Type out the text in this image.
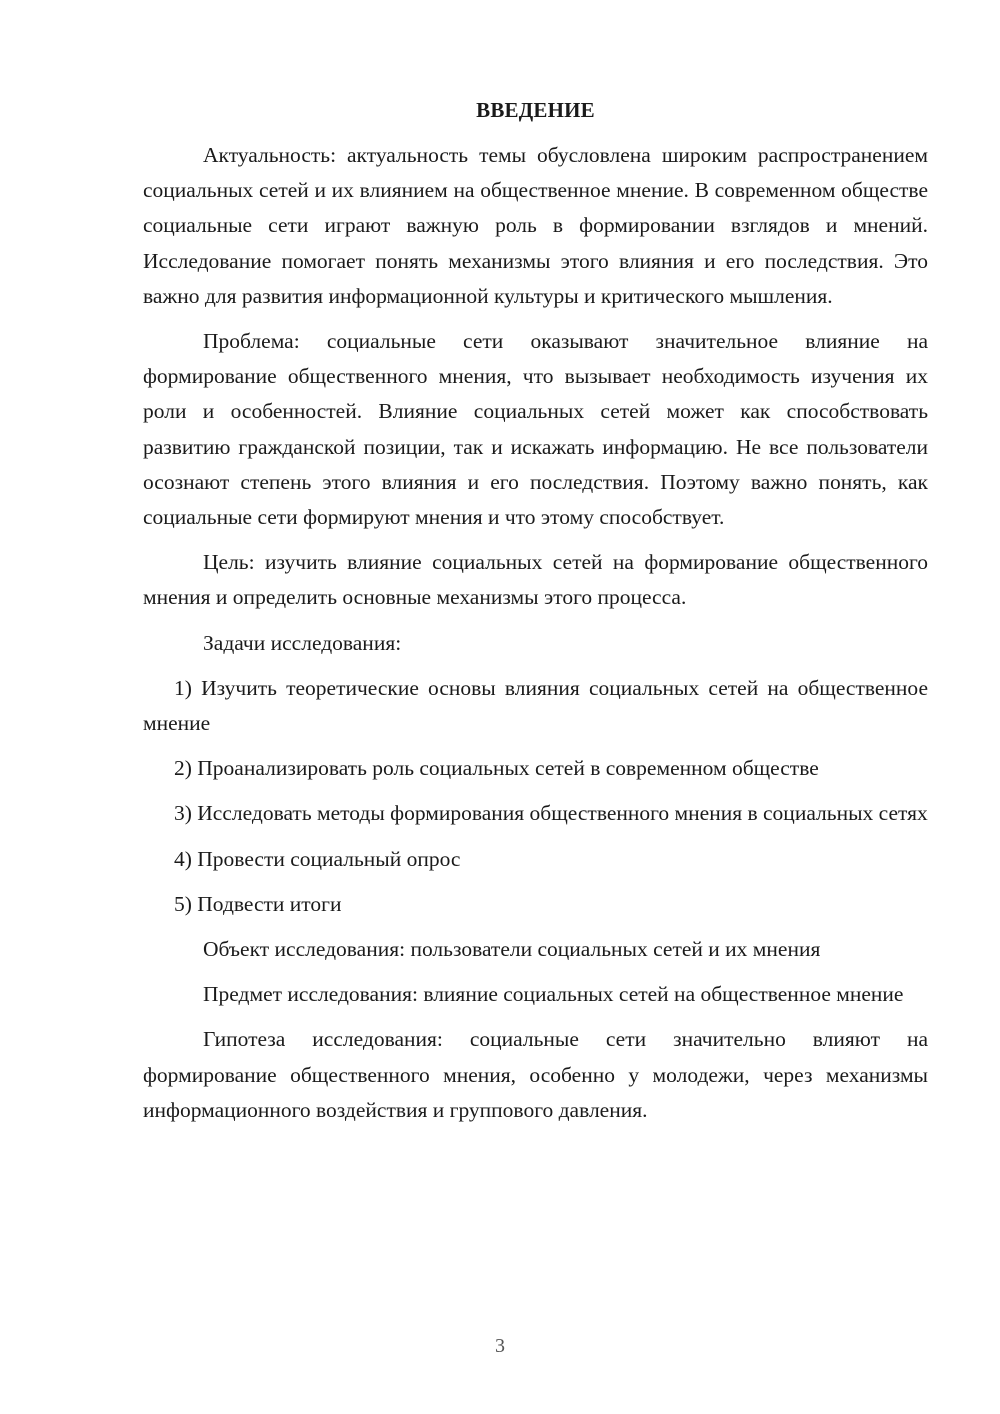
ВВЕДЕНИЕ

Актуальность: актуальность темы обусловлена широким распространением социальных сетей и их влиянием на общественное мнение. В современном обществе социальные сети играют важную роль в формировании взглядов и мнений. Исследование помогает понять механизмы этого влияния и его последствия. Это важно для развития информационной культуры и критического мышления.

Проблема: социальные сети оказывают значительное влияние на формирование общественного мнения, что вызывает необходимость изучения их роли и особенностей. Влияние социальных сетей может как способствовать развитию гражданской позиции, так и искажать информацию. Не все пользователи осознают степень этого влияния и его последствия. Поэтому важно понять, как социальные сети формируют мнения и что этому способствует.

Цель: изучить влияние социальных сетей на формирование общественного мнения и определить основные механизмы этого процесса.

Задачи исследования:

1) Изучить теоретические основы влияния социальных сетей на общественное мнение

2) Проанализировать роль социальных сетей в современном обществе

3) Исследовать методы формирования общественного мнения в социальных сетях

4) Провести социальный опрос

5) Подвести итоги

Объект исследования: пользователи социальных сетей и их мнения

Предмет исследования: влияние социальных сетей на общественное мнение

Гипотеза исследования: социальные сети значительно влияют на формирование общественного мнения, особенно у молодежи, через механизмы информационного воздействия и группового давления.

3
